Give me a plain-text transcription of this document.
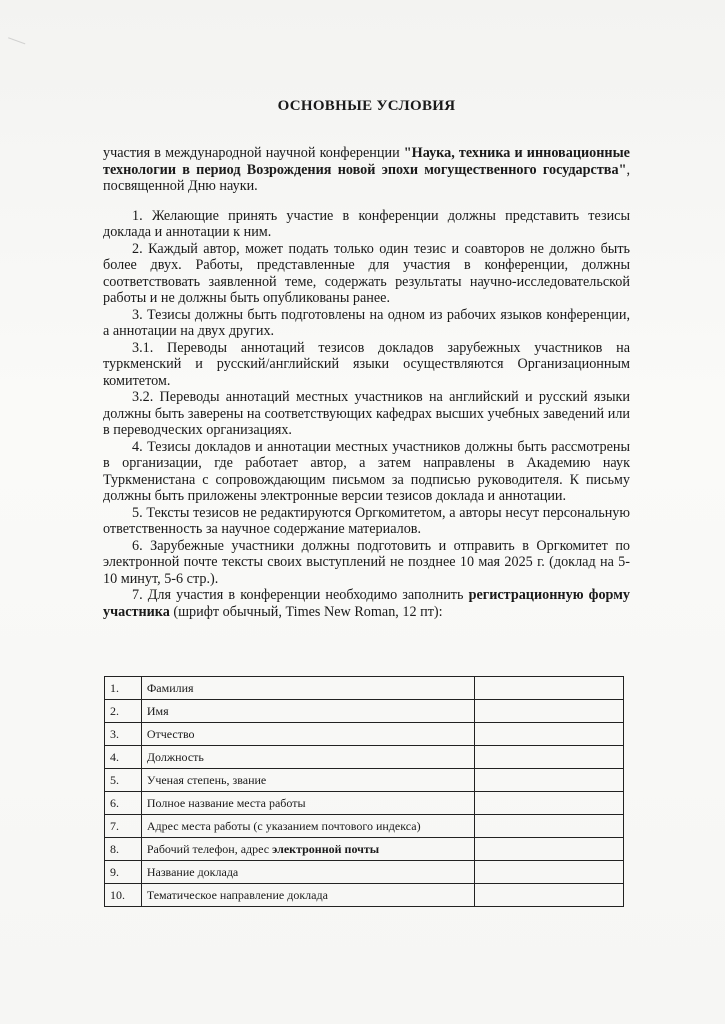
ОСНОВНЫЕ УСЛОВИЯ

участия в международной научной конференции "Наука, техника и инновационные технологии в период Возрождения новой эпохи могущественного государства", посвященной Дню науки.

1. Желающие принять участие в конференции должны представить тезисы доклада и аннотации к ним.

2. Каждый автор, может подать только один тезис и соавторов не должно быть более двух. Работы, представленные для участия в конференции, должны соответствовать заявленной теме, содержать результаты научно-исследовательской работы и не должны быть опубликованы ранее.

3. Тезисы должны быть подготовлены на одном из рабочих языков конференции, а аннотации на двух других.

3.1. Переводы аннотаций тезисов докладов зарубежных участников на туркменский и русский/английский языки осуществляются Организационным комитетом.

3.2. Переводы аннотаций местных участников на английский и русский языки должны быть заверены на соответствующих кафедрах высших учебных заведений или в переводческих организациях.

4. Тезисы докладов и аннотации местных участников должны быть рассмотрены в организации, где работает автор, а затем направлены в Академию наук Туркменистана с сопровождающим письмом за подписью руководителя. К письму должны быть приложены электронные версии тезисов доклада и аннотации.

5. Тексты тезисов не редактируются Оргкомитетом, а авторы несут персональную ответственность за научное содержание материалов.

6. Зарубежные участники должны подготовить и отправить в Оргкомитет по электронной почте тексты своих выступлений не позднее 10 мая 2025 г. (доклад на 5-10 минут, 5-6 стр.).

7. Для участия в конференции необходимо заполнить регистрационную форму участника (шрифт обычный, Times New Roman, 12 пт):

1.	Фамилия	
2.	Имя	
3.	Отчество	
4.	Должность	
5.	Ученая степень, звание	
6.	Полное название места работы	
7.	Адрес места работы (с указанием почтового индекса)	
8.	Рабочий телефон, адрес электронной почты	
9.	Название доклада	
10.	Тематическое направление доклада	
